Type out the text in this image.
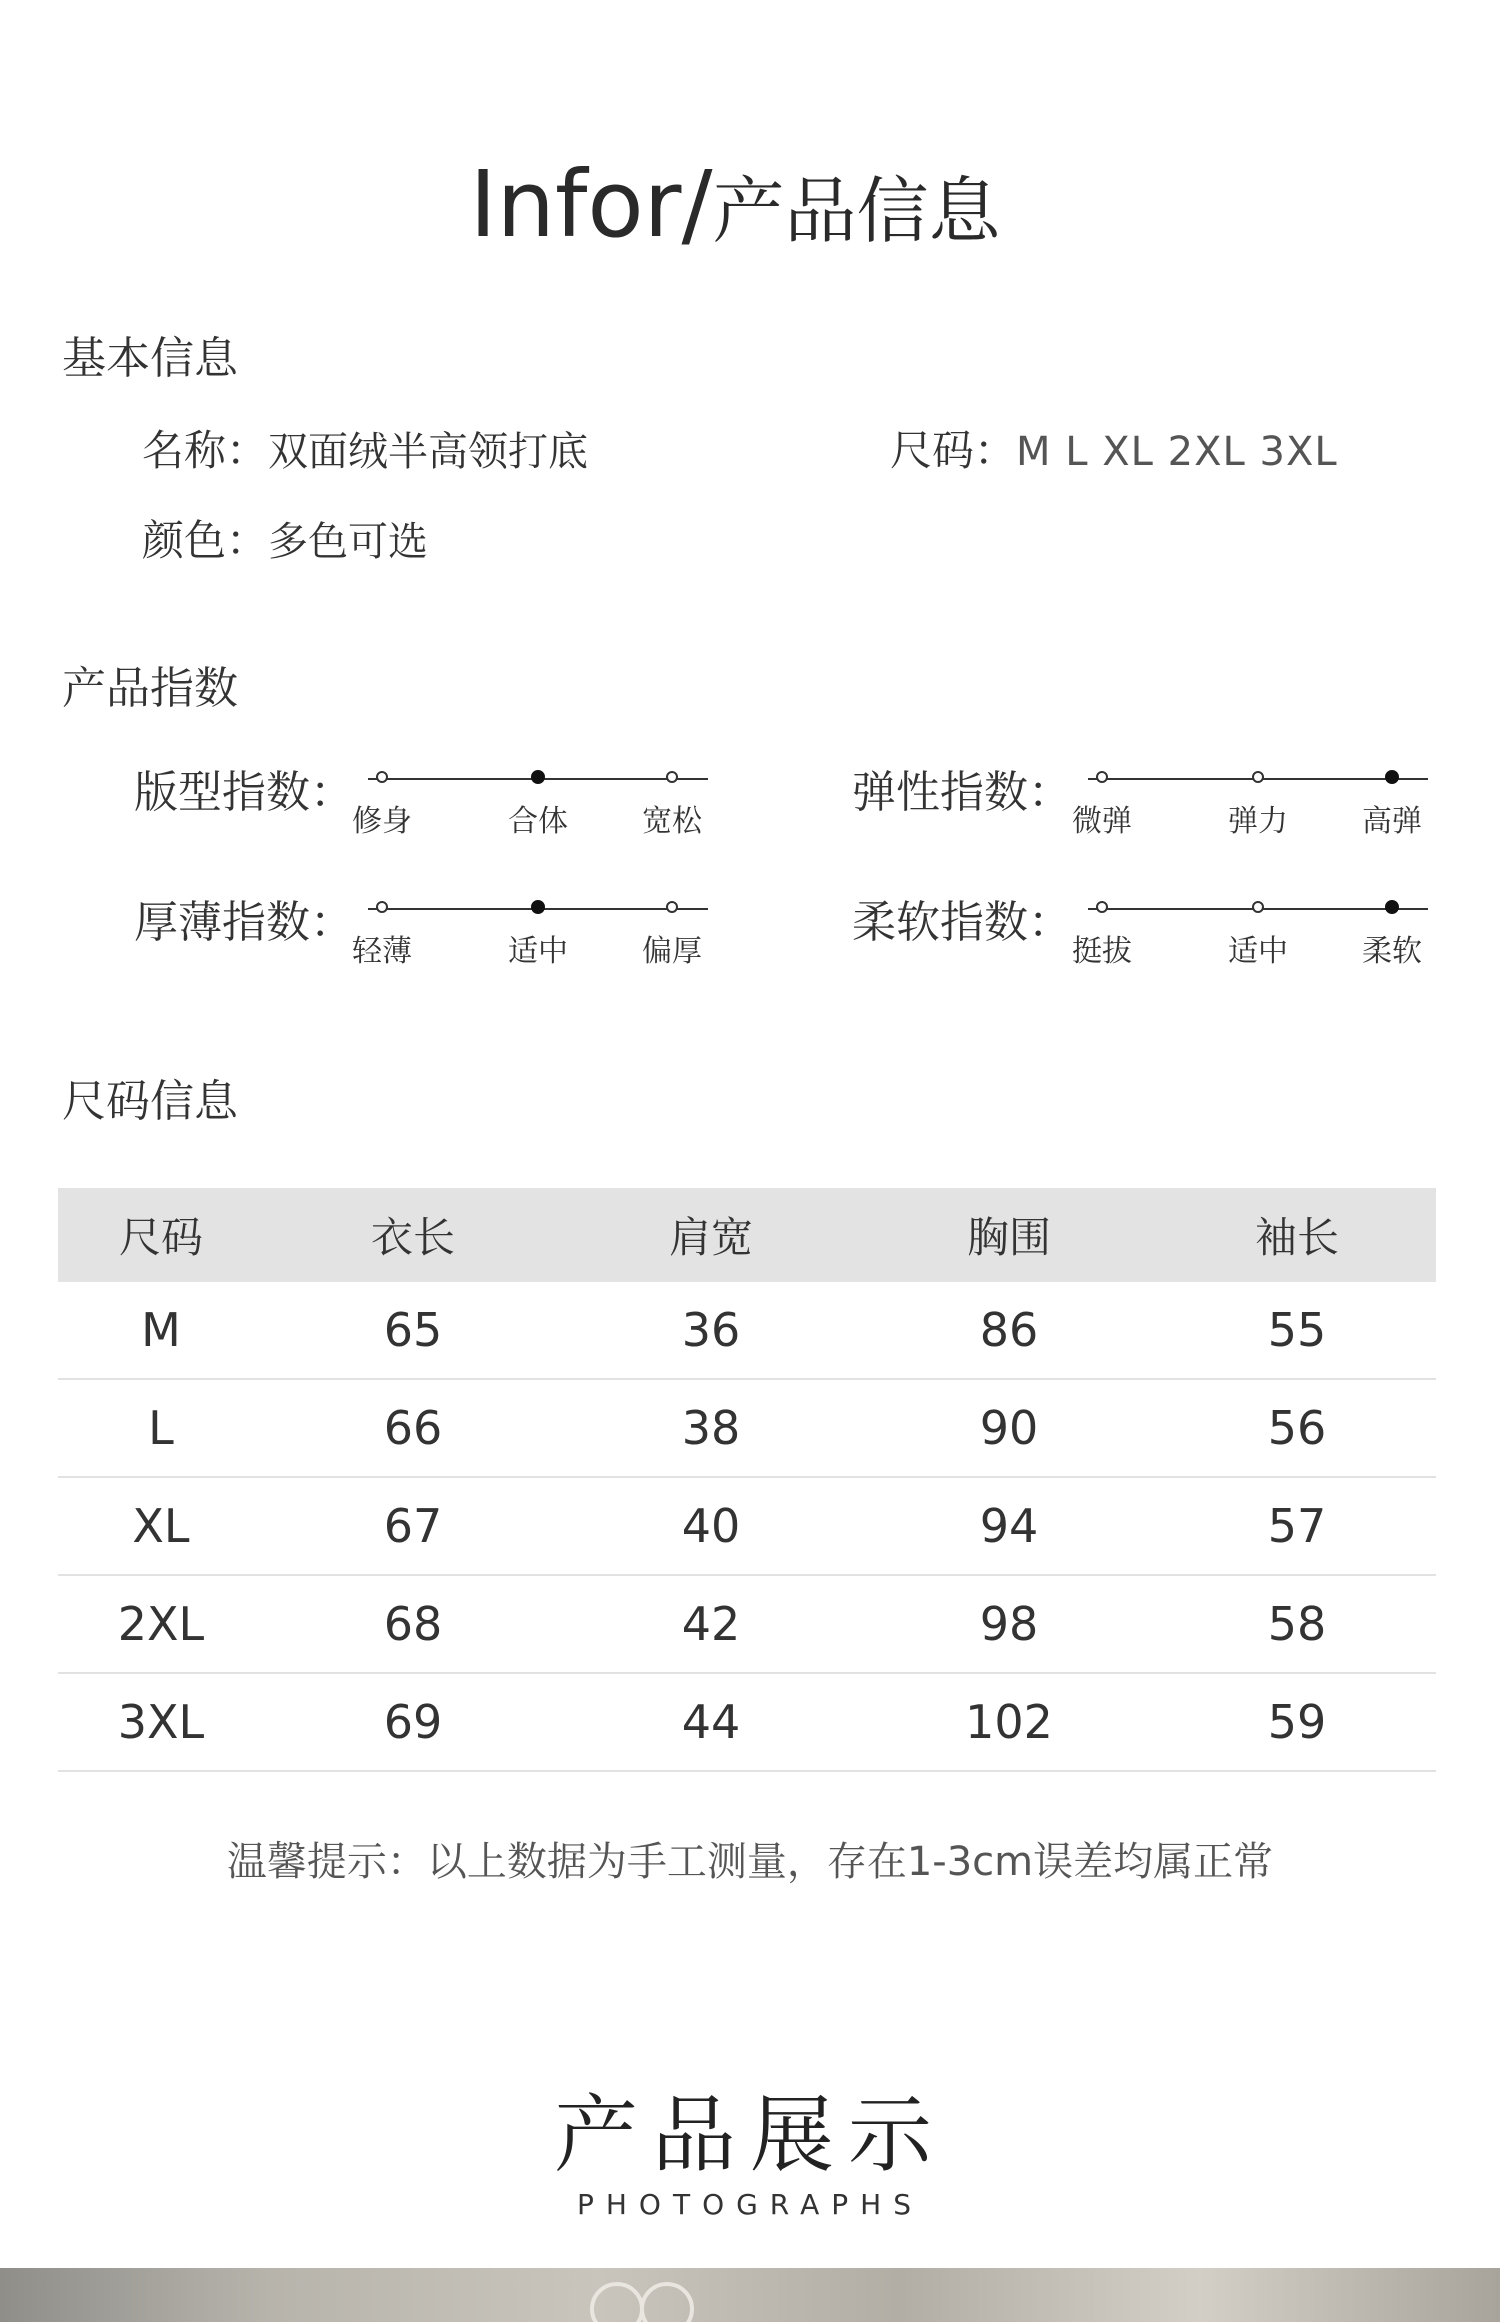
Infor/产品信息
基本信息
名称：双面绒半高领打底	尺码：M L XL 2XL 3XL
颜色：多色可选
产品指数
版型指数：
修身	合体 宽松
弹性指数：
微弹	弹力 高弹
厚薄指数：
轻薄	适中 偏厚
柔软指数：
挺拔	适中 柔软
尺码信息
尺码	衣长	肩宽	胸围	袖长
M	65	36	86	55
L	66	38	90	56
XL	67	40	94	57
2XL	68	42	98	58
3XL	69	44	102	59
温馨提示：以上数据为手工测量，存在1-3cm误差均属正常
产品展示
PHOTOGRAPHS
